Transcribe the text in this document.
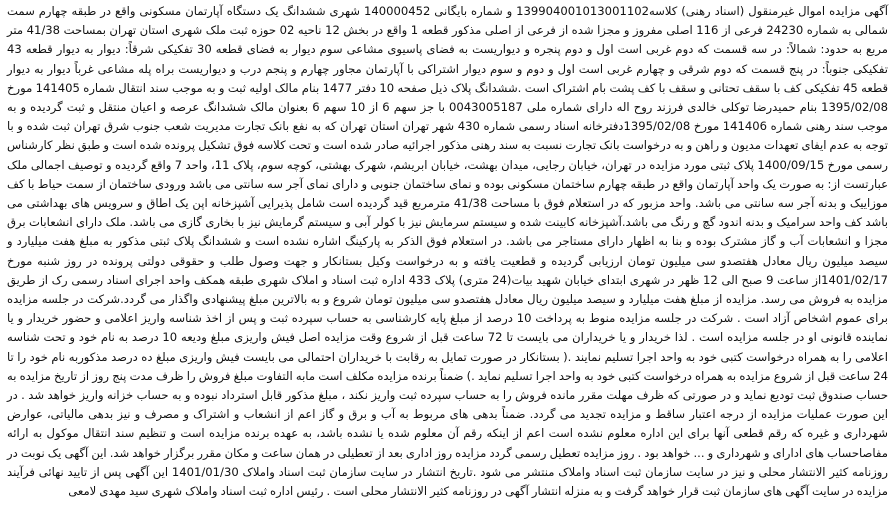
آگهی مزایده اموال غیرمنقول (اسناد رهنی) کلاسه139904001013001102 و شماره بایگانی 140000452 شهری ششدانگ یک دستگاه آپارتمان مسکونی واقع در طبقه چهارم سمت شمالی به شماره 24230 فرعی از 116 اصلی مفروز و مجزا شده از فرعی از اصلی مذکور قطعه 1 واقع در بخش 12 ناحیه 02 حوزه ثبت ملک شهری استان تهران بمساحت 41/38 متر مربع به حدود: شمالاً: در سه قسمت که دوم غربی است اول و دوم پنجره و دیواریست به فضای پاسیوی مشاعی سوم دیوار به فضای قطعه 30 تفکیکی شرقاً: دیوار به دیوار قطعه 43 تفکیکی جنوباً: در پنج قسمت که دوم شرقی و چهارم غربی است اول و دوم و سوم دیوار اشتراکی با آپارتمان مجاور چهارم و پنجم درب و دیواریست براه پله مشاعی غرباً دیوار به دیوار قطعه 45 تفکیکی کف با سقف تحتانی و سقف با کف پشت بام اشتراک است .ششدانگ پلاک ذیل صفحه 10 دفتر 1477 بنام مالک اولیه ثبت و به موجب سند انتقال شماره 141405 مورخ 1395/02/08 بنام حمیدرضا توکلی خالدی فرزند روح اله دارای شماره ملی 0043005187 با جز سهم 6 از 10 سهم 6 بعنوان مالک ششدانگ عرصه و اعیان منتقل و ثبت گردیده و به موجب سند رهنی شماره 141406 مورخ 1395/02/08دفترخانه اسناد رسمی شماره 430 شهر تهران استان تهران که به نفع بانک تجارت مدیریت شعب جنوب شرق تهران ثبت شده و با توجه به عدم ایفای تعهدات مدیون و راهن و به درخواست بانک تجارت نسبت به سند رهنی مذکور اجرائیه صادر شده است و تحت کلاسه فوق تشکیل پرونده شده است و طبق نظر کارشناس رسمی مورخ 1400/09/15 پلاک ثبتی مورد مزایده در تهران، خیابان رجایی، میدان بهشت، خیابان ابریشم، شهرک بهشتی، کوچه سوم، پلاک 11، واحد 7 واقع گردیده و توصیف اجمالی ملک عبارتست از: به صورت یک واحد آپارتمان واقع در طبقه چهارم ساختمان مسکونی بوده و نمای ساختمان جنوبی و دارای نمای آجر سه سانتی می باشد ورودی ساختمان از سمت حیاط با کف موزاییک و بدنه آجر سه سانتی می باشد. واحد مزبور که در استعلام فوق با مساحت 41/38 مترمربع قید گردیده است شامل پذیرایی آشپزخانه اپن یک اطاق و سرویس های بهداشتی می باشد کف واحد سرامیک و بدنه اندود گچ و رنگ می باشد.آشپزخانه کابینت شده و سیستم سرمایش نیز با کولر آبی و سیستم گرمایش نیز با بخاری گازی می باشد. ملک دارای انشعابات برق مجزا و انشعابات آب و گاز مشترک بوده و بنا به اظهار دارای مستاجر می باشد. در استعلام فوق الذکر به پارکینگ اشاره نشده است و ششدانگ پلاک ثبتی مذکور به مبلغ هفت میلیارد و سیصد میلیون ریال معادل هفتصدو سی میلیون تومان ارزیابی گردیده و قطعیت یافته و به درخواست وکیل بستانکار و جهت وصول طلب و حقوقی دولتی پرونده در روز شنبه مورخ 1401/02/17از ساعت 9 صبح الی 12 ظهر در شهری ابتدای خیابان شهید بیات(24 متری) پلاک 433 اداره ثبت اسناد و املاک شهری طبقه همکف واحد اجرای اسناد رسمی رک از طریق مزایده به فروش می رسد. مزایده از مبلغ هفت میلیارد و سیصد میلیون ریال معادل هفتصدو سی میلیون تومان شروع و به بالاترین مبلغ پیشنهادی واگذار می گردد.شرکت در جلسه مزایده برای عموم اشخاص آزاد است . شرکت در جلسه مزایده منوط به پرداخت 10 درصد از مبلغ پایه کارشناسی به حساب سپرده ثبت و پس از اخذ شناسه واریز اعلامی و حضور خریدار و یا نماینده قانونی او در جلسه مزایده است . لذا خریدار و یا خریداران می بایست تا 72 ساعت قبل از شروع وقت مزایده اصل فیش واریزی مبلغ ودیعه 10 درصد به نام خود و تحت شناسه اعلامی را به همراه درخواست کتبی خود به واحد اجرا تسلیم نمایند .( بستانکار در صورت تمایل به رقابت با خریداران احتمالی می بایست فیش واریزی مبلغ ده درصد مذکوربه نام خود را تا 24 ساعت قبل از شروع مزایده به همراه درخواست کتبی خود به واحد اجرا تسلیم نماید .) ضمناً برنده مزایده مکلف است مابه التفاوت مبلغ فروش را ظرف مدت پنج روز از تاریخ مزایده به حساب صندوق ثبت تودیع نماید و در صورتی که ظرف مهلت مقرر مانده فروش را به حساب سپرده ثبت واریز نکند ، مبلغ مذکور قابل استرداد نبوده و به حساب خزانه واریز خواهد شد . در این صورت عملیات مزایده از درجه اعتبار ساقط و مزایده تجدید می گردد. ضمناً بدهی های مربوط به آب و برق و گاز اعم از انشعاب و اشتراک و مصرف و نیز بدهی مالیاتی، عوارض شهرداری و غیره که رقم قطعی آنها برای این اداره معلوم نشده است اعم از اینکه رقم آن معلوم شده یا نشده باشد، به عهده برنده مزایده است و تنظیم سند انتقال موکول به ارائه مفاصاحساب های ادارای و شهرداری و ... خواهد بود . روز مزایده تعطیل رسمی گردد مزایده روز اداری بعد از تعطیلی در همان ساعت و مکان مقرر برگزار خواهد شد. این آگهی یک نوبت در روزنامه کثیر الانتشار محلی و نیز در سایت سازمان ثبت اسناد واملاک منتشر می شود .تاریخ انتشار در سایت سازمان ثبت اسناد واملاک 1401/01/30 این آگهی پس از تایید نهائی فرآیند مزایده در سایت آگهی های سازمان ثبت قرار خواهد گرفت و به منزله انتشار آگهی در روزنامه کثیر الانتشار محلی است . رئیس اداره ثبت اسناد واملاک شهری سید مهدی لامعی
